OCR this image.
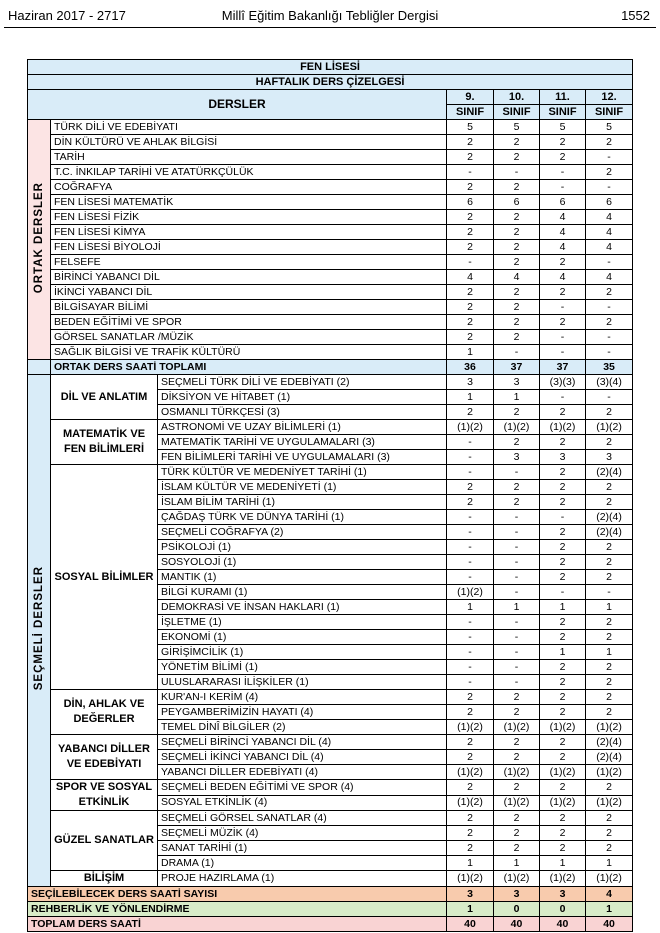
Haziran 2017 - 2717	Millî Eğitim Bakanlığı Tebliğler Dergisi	1552
FEN LİSESİ						
HAFTALIK DERS ÇİZELGESİ						
DERSLER			9.	10.	11.	12.
			SINIF	SINIF	SINIF	SINIF
ORTAK DERSLER	TÜRK DİLİ VE EDEBİYATI		5	5	5	5
	DİN KÜLTÜRÜ VE AHLAK BİLGİSİ		2	2	2	2
	TARİH		2	2	2	-
	T.C. İNKILAP TARİHİ VE ATATÜRKÇÜLÜK		-	-	-	2
	COĞRAFYA		2	2	-	-
	FEN LİSESİ MATEMATİK		6	6	6	6
	FEN LİSESİ FİZİK		2	2	4	4
	FEN LİSESİ KİMYA		2	2	4	4
	FEN LİSESİ BİYOLOJİ		2	2	4	4
	FELSEFE		-	2	2	-
	BİRİNCİ YABANCI DİL		4	4	4	4
	İKİNCİ YABANCI DİL		2	2	2	2
	BİLGİSAYAR BİLİMİ		2	2	-	-
	BEDEN EĞİTİMİ VE SPOR		2	2	2	2
	GÖRSEL SANATLAR /MÜZİK		2	2	-	-
	SAĞLIK BİLGİSİ VE TRAFİK KÜLTÜRÜ		1	-	-	-
	ORTAK DERS SAATİ TOPLAMI		36	37	37	35
SEÇMELİ DERSLER	DİL VE ANLATIM	SEÇMELİ TÜRK DİLİ VE EDEBİYATI (2)	3	3	(3)(3)	(3)(4)
		DİKSİYON VE HİTABET (1)	1	1	-	-
		OSMANLI TÜRKÇESİ (3)	2	2	2	2
	MATEMATİK VE FEN BİLİMLERİ	ASTRONOMİ VE UZAY BİLİMLERİ (1)	(1)(2)	(1)(2)	(1)(2)	(1)(2)
		MATEMATİK TARİHİ VE UYGULAMALARI (3)	-	2	2	2
		FEN BİLİMLERİ TARİHİ VE UYGULAMALARI (3)	-	3	3	3
	SOSYAL BİLİMLER	TÜRK KÜLTÜR VE MEDENİYET TARİHİ (1)	-	-	2	(2)(4)
		İSLAM KÜLTÜR VE MEDENİYETİ (1)	2	2	2	2
		İSLAM BİLİM TARİHİ (1)	2	2	2	2
		ÇAĞDAŞ TÜRK VE DÜNYA TARİHİ (1)	-	-	-	(2)(4)
		SEÇMELİ COĞRAFYA (2)	-	-	2	(2)(4)
		PSİKOLOJİ (1)	-	-	2	2
		SOSYOLOJİ (1)	-	-	2	2
		MANTIK (1)	-	-	2	2
		BİLGİ KURAMI (1)	(1)(2)	-	-	-
		DEMOKRASİ VE İNSAN HAKLARI (1)	1	1	1	1
		İŞLETME (1)	-	-	2	2
		EKONOMİ (1)	-	-	2	2
		GİRİŞİMCİLİK (1)	-	-	1	1
		YÖNETİM BİLİMİ (1)	-	-	2	2
		ULUSLARARASI İLİŞKİLER (1)	-	-	2	2
	DİN, AHLAK VE DEĞERLER	KUR'AN-I KERİM (4)	2	2	2	2
		PEYGAMBERİMİZİN HAYATI (4)	2	2	2	2
		TEMEL DİNÎ BİLGİLER (2)	(1)(2)	(1)(2)	(1)(2)	(1)(2)
	YABANCI DİLLER VE EDEBİYATI	SEÇMELİ BİRİNCİ YABANCI DİL (4)	2	2	2	(2)(4)
		SEÇMELİ İKİNCİ YABANCI DİL (4)	2	2	2	(2)(4)
		YABANCI DİLLER EDEBİYATI (4)	(1)(2)	(1)(2)	(1)(2)	(1)(2)
	SPOR VE SOSYAL ETKİNLİK	SEÇMELİ BEDEN EĞİTİMİ VE SPOR (4)	2	2	2	2
		SOSYAL ETKİNLİK (4)	(1)(2)	(1)(2)	(1)(2)	(1)(2)
	GÜZEL SANATLAR	SEÇMELİ GÖRSEL SANATLAR (4)	2	2	2	2
		SEÇMELİ MÜZİK (4)	2	2	2	2
		SANAT TARİHİ (1)	2	2	2	2
		DRAMA (1)	1	1	1	1
	BİLİŞİM	PROJE HAZIRLAMA (1)	(1)(2)	(1)(2)	(1)(2)	(1)(2)
SEÇİLEBİLECEK DERS SAATİ SAYISI			3	3	3	4
REHBERLİK VE YÖNLENDİRME			1	0	0	1
TOPLAM DERS SAATİ			40	40	40	40
